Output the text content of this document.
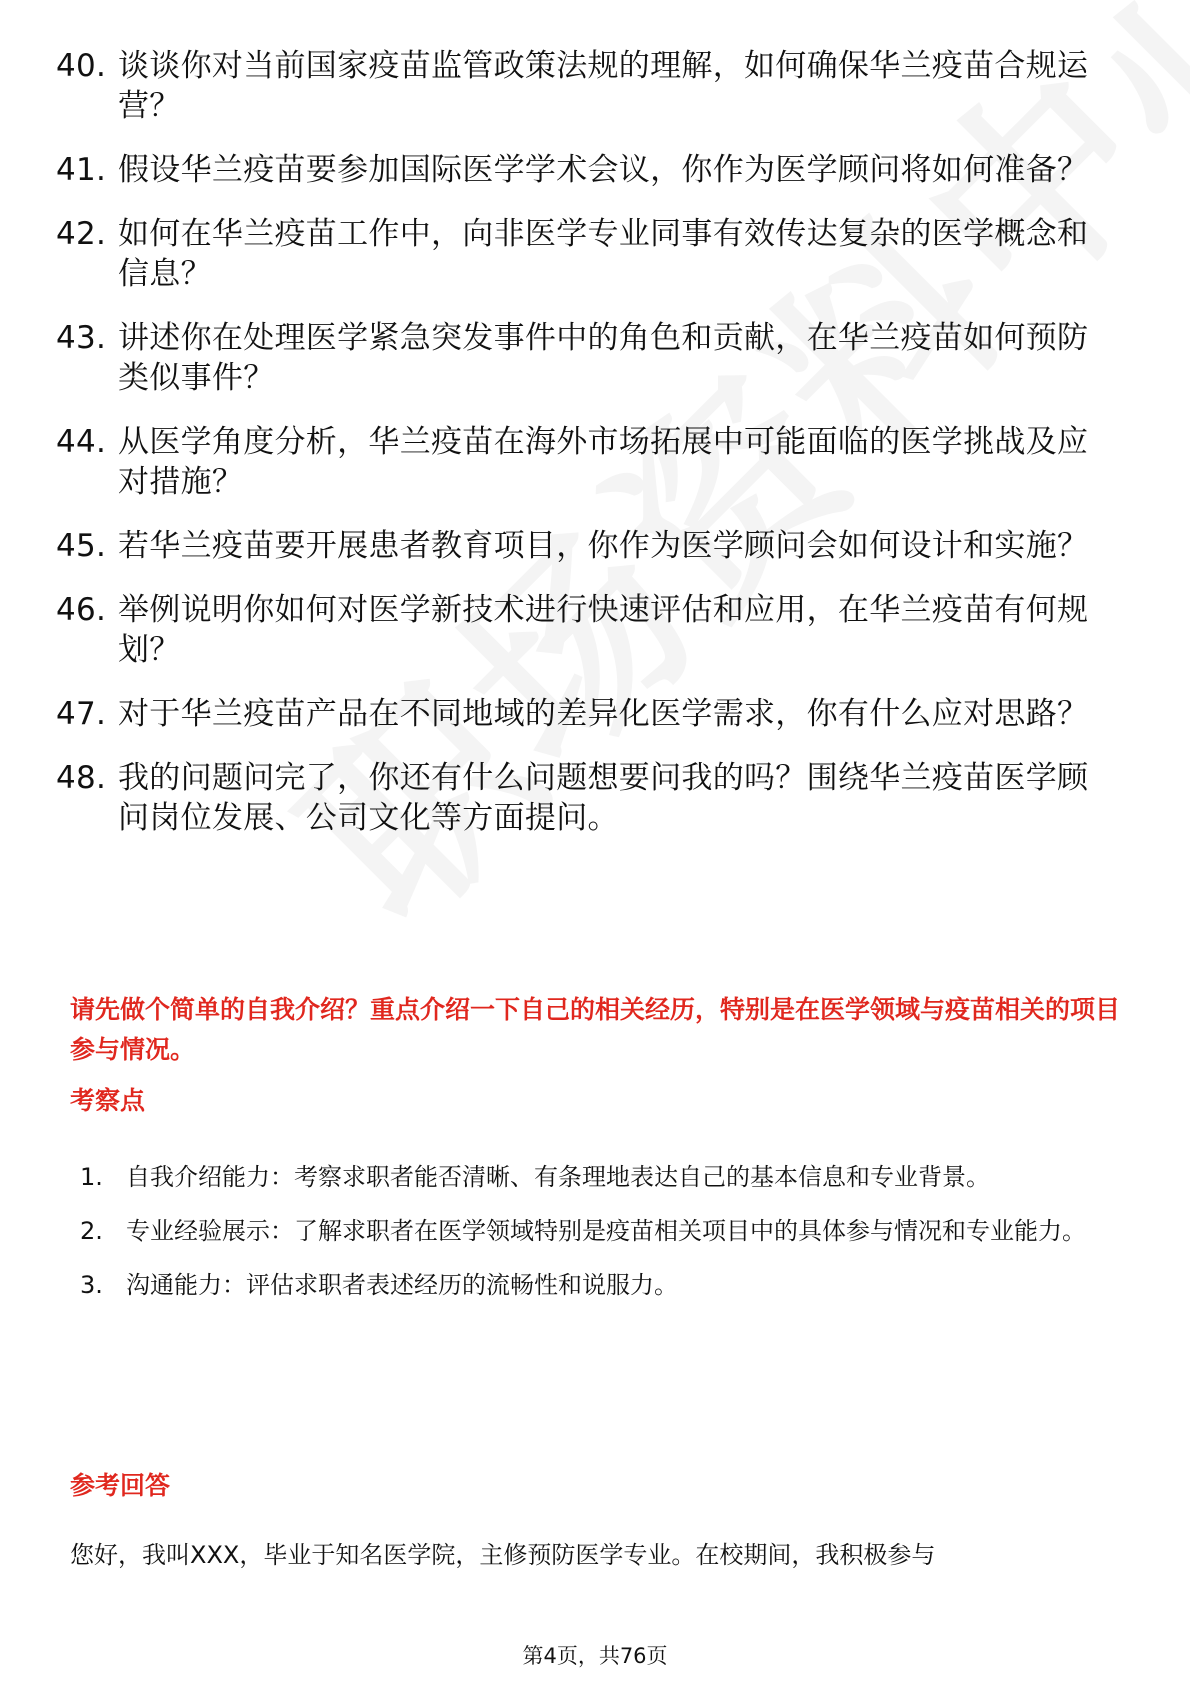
40. 谈谈你对当前国家疫苗监管政策法规的理解，如何确保华兰疫苗合规运营？
41. 假设华兰疫苗要参加国际医学学术会议，你作为医学顾问将如何准备？
42. 如何在华兰疫苗工作中，向非医学专业同事有效传达复杂的医学概念和信息？
43. 讲述你在处理医学紧急突发事件中的角色和贡献，在华兰疫苗如何预防类似事件？
44. 从医学角度分析，华兰疫苗在海外市场拓展中可能面临的医学挑战及应对措施？
45. 若华兰疫苗要开展患者教育项目，你作为医学顾问会如何设计和实施？
46. 举例说明你如何对医学新技术进行快速评估和应用，在华兰疫苗有何规划？
47. 对于华兰疫苗产品在不同地域的差异化医学需求，你有什么应对思路？
48. 我的问题问完了，你还有什么问题想要问我的吗？围绕华兰疫苗医学顾问岗位发展、公司文化等方面提问。
请先做个简单的自我介绍？重点介绍一下自己的相关经历，特别是在医学领域与疫苗相关的项目参与情况。
考察点
1. 自我介绍能力：考察求职者能否清晰、有条理地表达自己的基本信息和专业背景。
2. 专业经验展示：了解求职者在医学领域特别是疫苗相关项目中的具体参与情况和专业能力。
3. 沟通能力：评估求职者表述经历的流畅性和说服力。
参考回答
您好，我叫XXX，毕业于知名医学院，主修预防医学专业。在校期间，我积极参与
第4页，共76页
